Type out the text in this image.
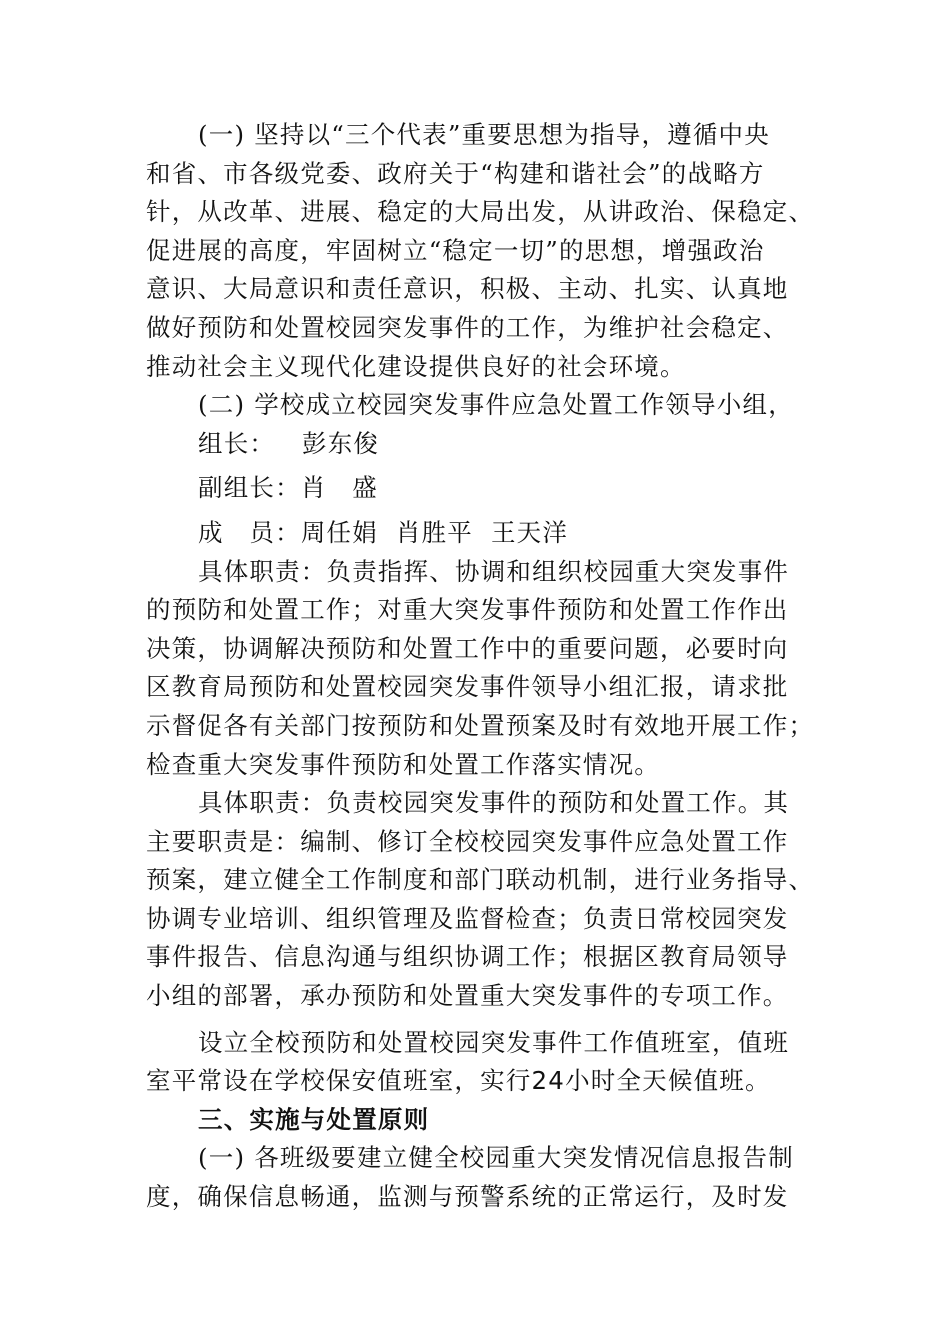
(一) 坚持以“三个代表”重要思想为指导，遵循中央
和省、市各级党委、政府关于“构建和谐社会”的战略方
针，从改革、进展、稳定的大局出发，从讲政治、保稳定、
促进展的高度，牢固树立“稳定一切”的思想，增强政治
意识、大局意识和责任意识，积极、主动、扎实、认真地
做好预防和处置校园突发事件的工作，为维护社会稳定、
推动社会主义现代化建设提供良好的社会环境。
(二) 学校成立校园突发事件应急处置工作领导小组，
组长： 彭东俊
副组长：肖　盛
成　员：周任娟  肖胜平  王天洋
具体职责：负责指挥、协调和组织校园重大突发事件
的预防和处置工作；对重大突发事件预防和处置工作作出
决策，协调解决预防和处置工作中的重要问题，必要时向
区教育局预防和处置校园突发事件领导小组汇报，请求批
示督促各有关部门按预防和处置预案及时有效地开展工作；
检查重大突发事件预防和处置工作落实情况。
具体职责：负责校园突发事件的预防和处置工作。其
主要职责是：编制、修订全校校园突发事件应急处置工作
预案，建立健全工作制度和部门联动机制，进行业务指导、
协调专业培训、组织管理及监督检查；负责日常校园突发
事件报告、信息沟通与组织协调工作；根据区教育局领导
小组的部署，承办预防和处置重大突发事件的专项工作。
设立全校预防和处置校园突发事件工作值班室，值班
室平常设在学校保安值班室，实行24小时全天候值班。
三、实施与处置原则
(一) 各班级要建立健全校园重大突发情况信息报告制
度，确保信息畅通，监测与预警系统的正常运行，及时发
